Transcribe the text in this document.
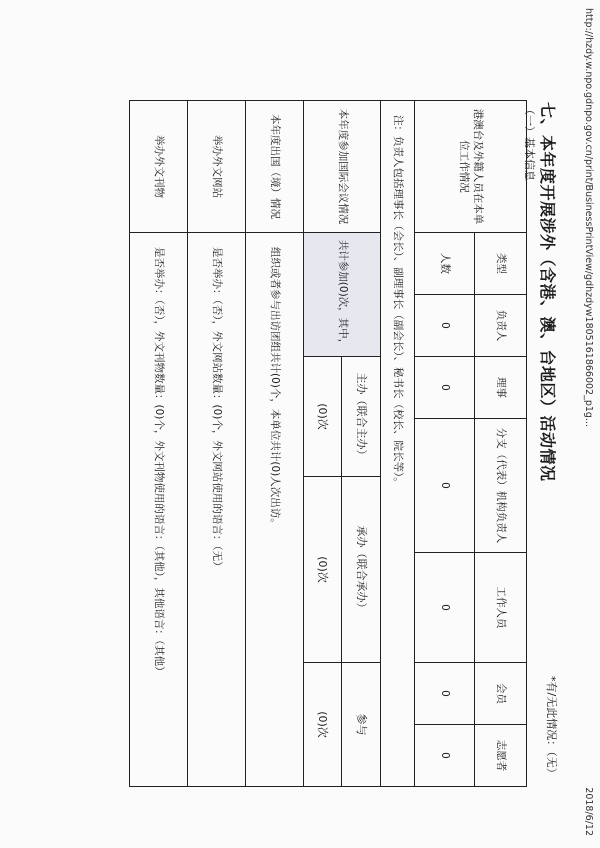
http://hzdy.w.npo.gdnpo.gov.cn/print/BusinessPrintView/gdhzdyw1805161866002_p1g...
2018/6/12
七、本年度开展涉外（含港、澳、台地区）活动情况
*有/无此情况：（无）
（一）基本信息
港澳台及外籍人员在本单位工作情况	类型	负责人	理事	分支（代表）机构负责人		工作人员	会员	志愿者
	人数	0	0	0		0	0	0
注：负责人包括理事长（会长）、副理事长（副会长）、秘书长（校长、院长等）。								
本年度参加国际会议情况	共计参加(0)次，其中，		主办（联合主办）		承办（联合承办）		参与	
			(0)次		(0)次		(0)次	
本年度出国（境）情况	组织或者参与出访团组共计(0)个，本单位共计(0)人次出访。							
举办外文网站	是否举办：（否），外文网站数量：(0)个，外文网站使用的语言：（无）							
举办外文刊物	是否举办：（否），外文刊物数量：(0)个，外文刊物使用的语言：（其他），其他语言：（其他）							
